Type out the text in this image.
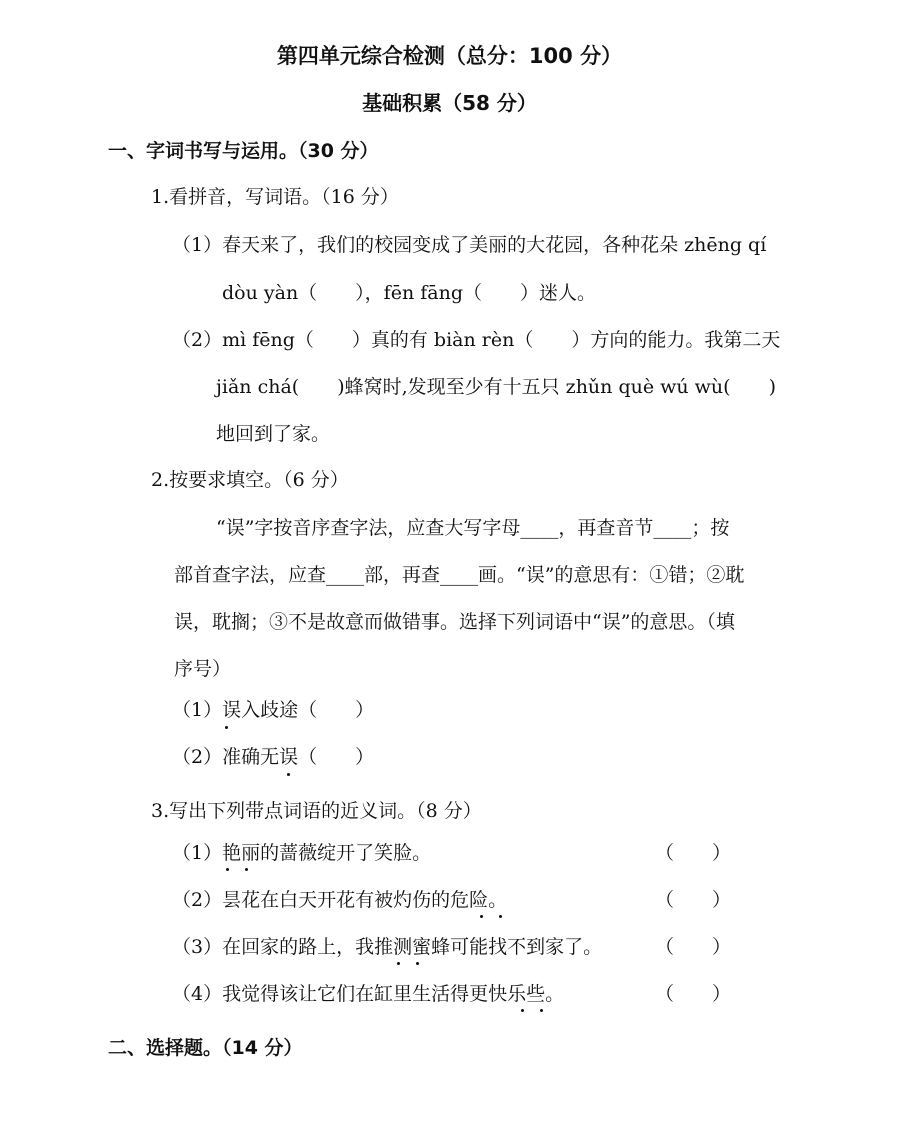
第四单元综合检测（总分：100 分）
基础积累（58 分）
一、字词书写与运用。（30 分）
1.看拼音，写词语。（16 分）
（1）春天来了，我们的校园变成了美丽的大花园，各种花朵 zhēng qí
dòu yàn（　　），fēn fāng（　　）迷人。
（2）mì fēng（　　）真的有 biàn rèn（　　）方向的能力。我第二天
jiǎn chá(　　)蜂窝时,发现至少有十五只 zhǔn què wú wù(　　)
地回到了家。
2.按要求填空。（6 分）
“误”字按音序查字法，应查大写字母____，再查音节____；按
部首查字法，应查____部，再查____画。“误”的意思有：①错；②耽
误，耽搁；③不是故意而做错事。选择下列词语中“误”的意思。（填
序号）
（1）误入歧途（　　）
（2）准确无误（　　）
3.写出下列带点词语的近义词。（8 分）
（1）艳丽的蔷薇绽开了笑脸。	（　　）
（2）昙花在白天开花有被灼伤的危险。	（　　）
（3）在回家的路上，我推测蜜蜂可能找不到家了。	（　　）
（4）我觉得该让它们在缸里生活得更快乐些。	（　　）
二、选择题。（14 分）
